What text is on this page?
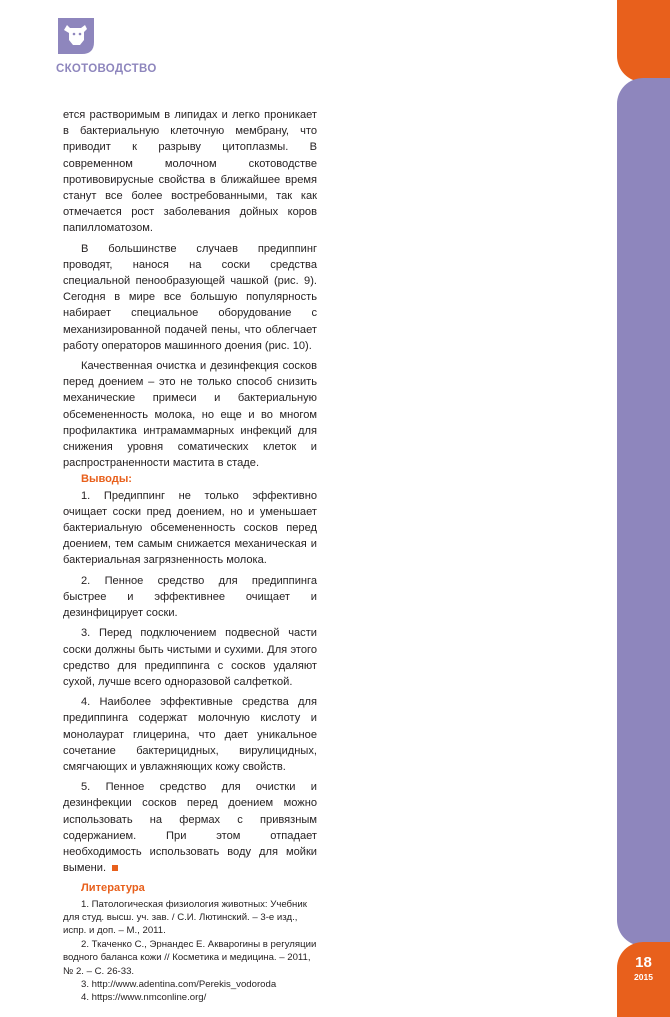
18
2015
СКОТОВОДСТВО

ется растворимым в липидах и легко проникает в бактериальную клеточную мембрану, что приводит к разрыву цитоплазмы. В современном молочном скотоводстве противовирусные свойства в ближайшее время станут все более востребованными, так как отмечается рост заболевания дойных коров папилломатозом.

В большинстве случаев предиппинг проводят, нанося на соски средства специальной пенообразующей чашкой (рис. 9). Сегодня в мире все большую популярность набирает специальное оборудование с механизированной подачей пены, что облегчает работу операторов машинного доения (рис. 10).

Качественная очистка и дезинфекция сосков перед доением – это не только способ снизить механические примеси и бактериальную обсемененность молока, но еще и во многом профилактика интрамаммарных инфекций для снижения уровня соматических клеток и распространенности мастита в стаде.

Выводы:

1. Предиппинг не только эффективно очищает соски пред доением, но и уменьшает бактериальную обсемененность сосков перед доением, тем самым снижается механическая и бактериальная загрязненность молока.

2. Пенное средство для предиппинга быстрее и эффективнее очищает и дезинфицирует соски.

3. Перед подключением подвесной части соски должны быть чистыми и сухими. Для этого средство для предиппинга с сосков удаляют сухой, лучше всего одноразовой салфеткой.

4. Наиболее эффективные средства для предиппинга содержат молочную кислоту и монолаурат глицерина, что дает уникальное сочетание бактерицидных, вирулицидных, смягчающих и увлажняющих кожу свойств.

5. Пенное средство для очистки и дезинфекции сосков перед доением можно использовать на фермах с привязным содержанием. При этом отпадает необходимость использовать воду для мойки вымени.

Литература

1. Патологическая физиология животных: Учебник для студ. высш. уч. зав. / С.И. Лютинский. – 3-е изд., испр. и доп. – М., 2011.

2. Ткаченко С., Эрнандес Е. Акваporины в регуляции водного баланса кожи // Косметика и медицина. – 2011, № 2. – С. 26-33.

3. http://www.adentina.com/Perekis_vodoroda

4. https://www.nmconline.org/
